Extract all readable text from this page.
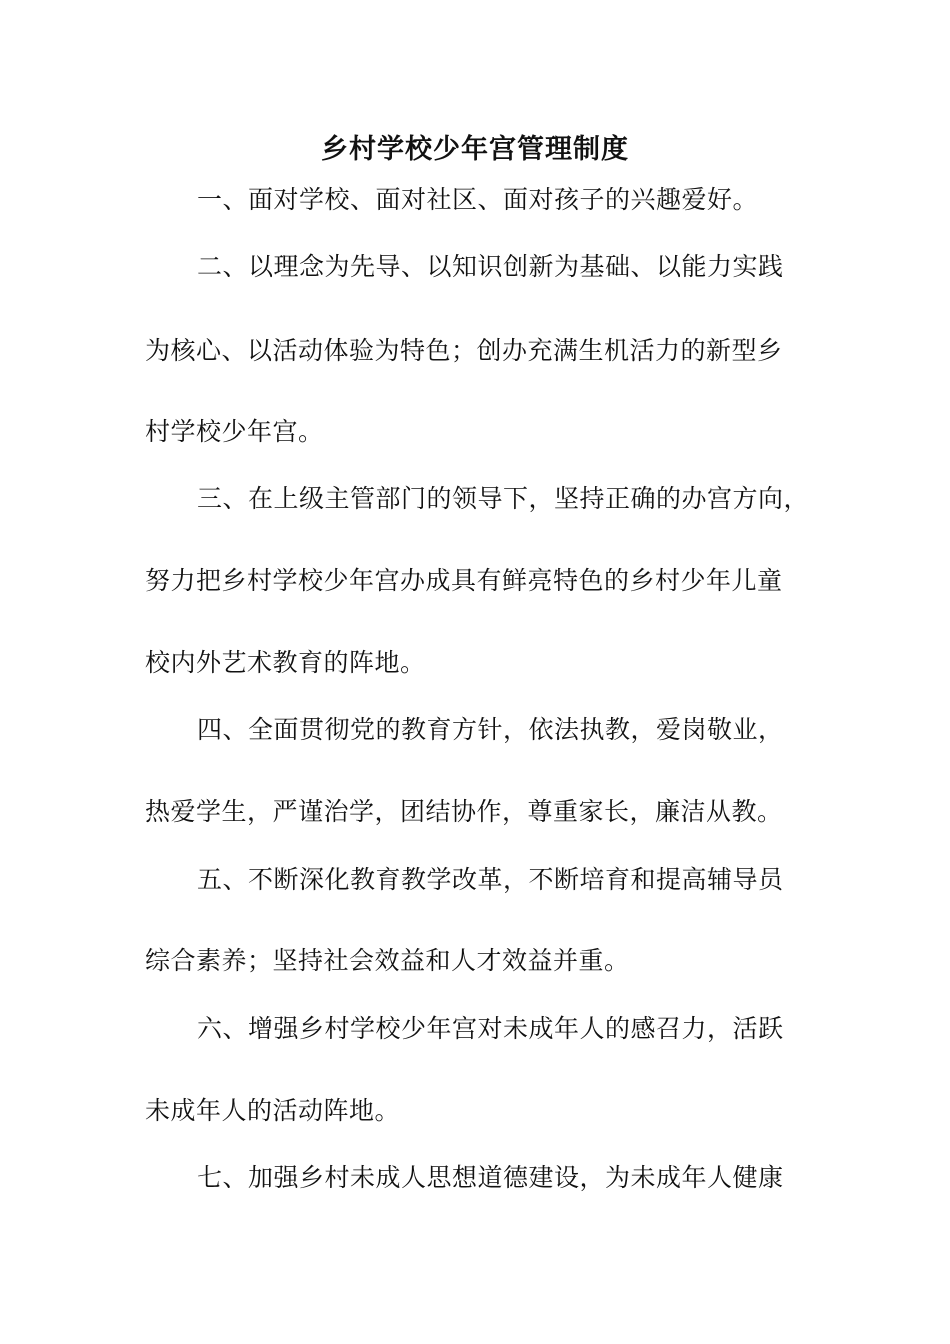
乡村学校少年宫管理制度
一、面对学校、面对社区、面对孩子的兴趣爱好。
二、以理念为先导、以知识创新为基础、以能力实践
为核心、以活动体验为特色；创办充满生机活力的新型乡
村学校少年宫。
三、在上级主管部门的领导下，坚持正确的办宫方向，
努力把乡村学校少年宫办成具有鲜亮特色的乡村少年儿童
校内外艺术教育的阵地。
四、全面贯彻党的教育方针，依法执教，爱岗敬业，
热爱学生，严谨治学，团结协作，尊重家长，廉洁从教。
五、不断深化教育教学改革，不断培育和提高辅导员
综合素养；坚持社会效益和人才效益并重。
六、增强乡村学校少年宫对未成年人的感召力，活跃
未成年人的活动阵地。
七、加强乡村未成人思想道德建设，为未成年人健康
